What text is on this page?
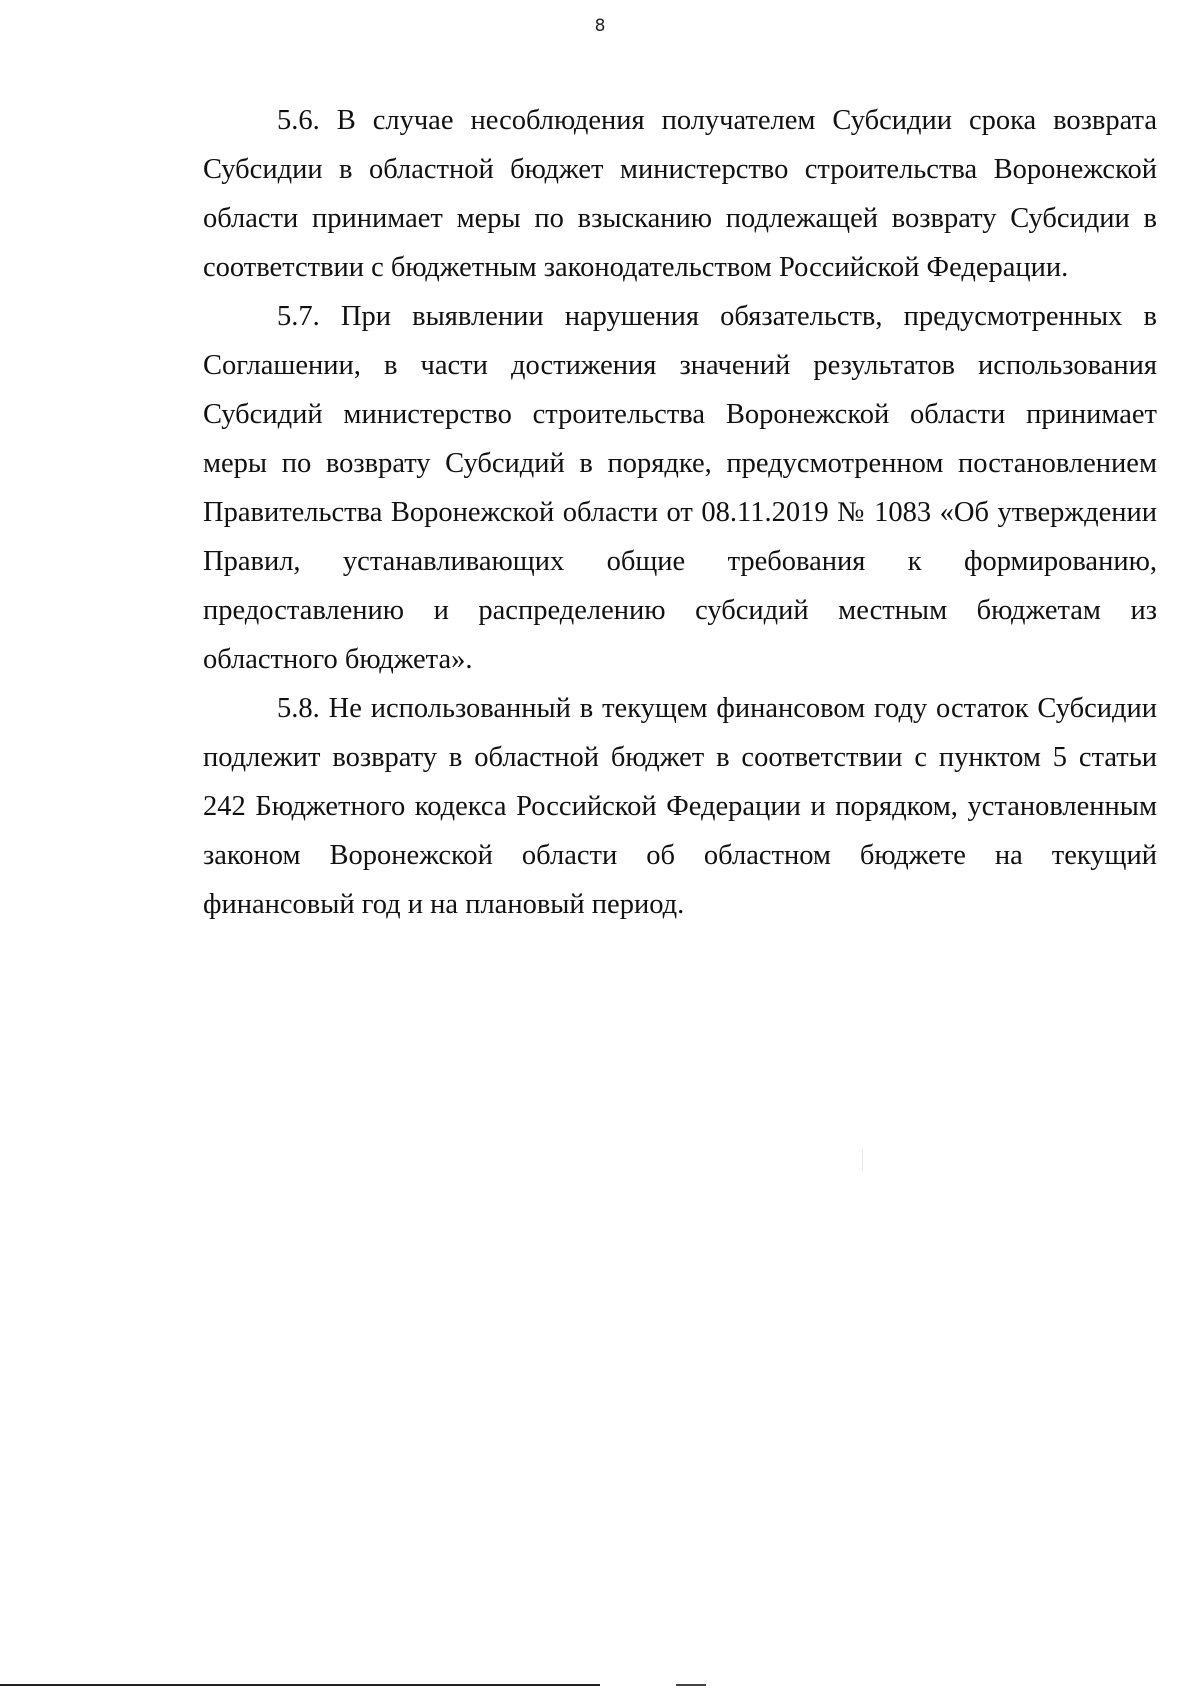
8

5.6. В случае несоблюдения получателем Субсидии срока возврата Субсидии в областной бюджет министерство строительства Воронежской области принимает меры по взысканию подлежащей возврату Субсидии в соответствии с бюджетным законодательством Российской Федерации.

5.7. При выявлении нарушения обязательств, предусмотренных в Соглашении, в части достижения значений результатов использования Субсидий министерство строительства Воронежской области принимает меры по возврату Субсидий в порядке, предусмотренном постановлением Правительства Воронежской области от 08.11.2019 № 1083 «Об утверждении Правил, устанавливающих общие требования к формированию, предоставлению и распределению субсидий местным бюджетам из областного бюджета».

5.8. Не использованный в текущем финансовом году остаток Субсидии подлежит возврату в областной бюджет в соответствии с пунктом 5 статьи 242 Бюджетного кодекса Российской Федерации и порядком, установленным законом Воронежской области об областном бюджете на текущий финансовый год и на плановый период.
